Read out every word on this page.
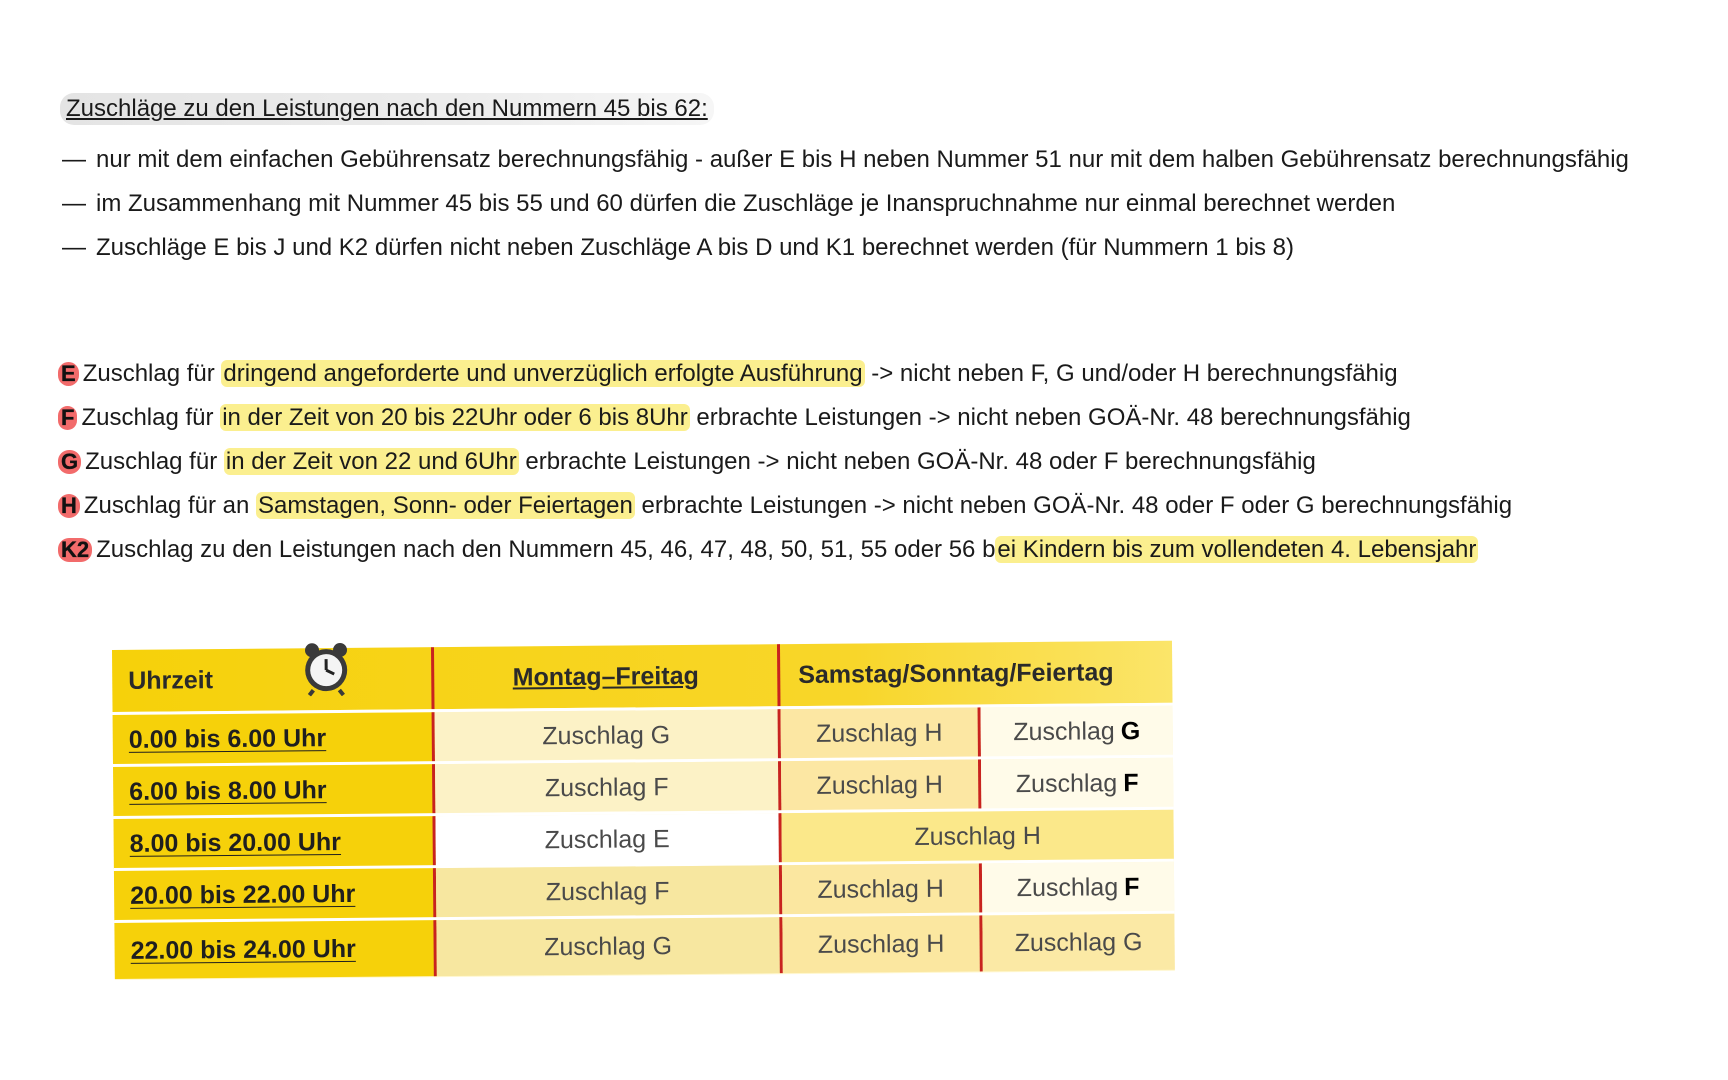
Zuschläge zu den Leistungen nach den Nummern 45 bis 62:
— nur mit dem einfachen Gebührensatz berechnungsfähig - außer E bis H neben Nummer 51 nur mit dem halben Gebührensatz berechnungsfähig
— im Zusammenhang mit Nummer 45 bis 55 und 60 dürfen die Zuschläge je Inanspruchnahme nur einmal berechnet werden
— Zuschläge E bis J und K2 dürfen nicht neben Zuschläge A bis D und K1 berechnet werden (für Nummern 1 bis 8)
E Zuschlag für dringend angeforderte und unverzüglich erfolgte Ausführung -> nicht neben F, G und/oder H berechnungsfähig
F Zuschlag für in der Zeit von 20 bis 22Uhr oder 6 bis 8Uhr erbrachte Leistungen -> nicht neben GOÄ-Nr. 48 berechnungsfähig
G Zuschlag für in der Zeit von 22 und 6Uhr erbrachte Leistungen -> nicht neben GOÄ-Nr. 48 oder F berechnungsfähig
H Zuschlag für an Samstagen, Sonn- oder Feiertagen erbrachte Leistungen -> nicht neben GOÄ-Nr. 48 oder F oder G berechnungsfähig
K2 Zuschlag zu den Leistungen nach den Nummern 45, 46, 47, 48, 50, 51, 55 oder 56 bei Kindern bis zum vollendeten 4. Lebensjahr
Uhrzeit	Montag–Freitag	Samstag/Sonntag/Feiertag
0.00 bis 6.00 Uhr	Zuschlag G	Zuschlag H	Zuschlag G
6.00 bis 8.00 Uhr	Zuschlag F	Zuschlag H	Zuschlag F
8.00 bis 20.00 Uhr	Zuschlag E	Zuschlag H
20.00 bis 22.00 Uhr	Zuschlag F	Zuschlag H	Zuschlag F
22.00 bis 24.00 Uhr	Zuschlag G	Zuschlag H	Zuschlag G
